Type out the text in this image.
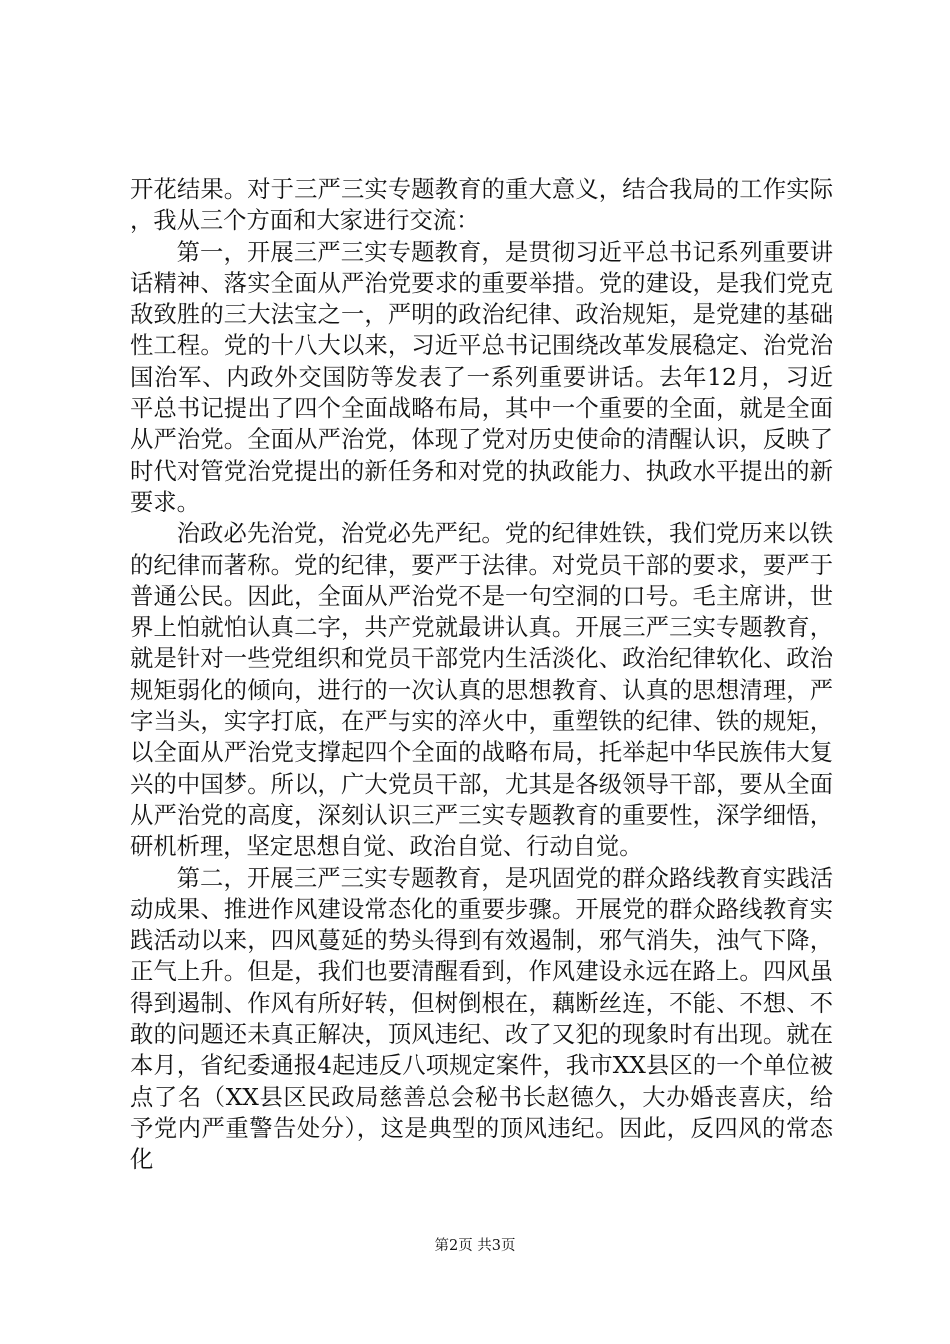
开花结果。对于三严三实专题教育的重大意义，结合我局的工作实际，我从三个方面和大家进行交流：

第一，开展三严三实专题教育，是贯彻习近平总书记系列重要讲话精神、落实全面从严治党要求的重要举措。党的建设，是我们党克敌致胜的三大法宝之一，严明的政治纪律、政治规矩，是党建的基础性工程。党的十八大以来，习近平总书记围绕改革发展稳定、治党治国治军、内政外交国防等发表了一系列重要讲话。去年12月，习近平总书记提出了四个全面战略布局，其中一个重要的全面，就是全面从严治党。全面从严治党，体现了党对历史使命的清醒认识，反映了时代对管党治党提出的新任务和对党的执政能力、执政水平提出的新要求。

治政必先治党，治党必先严纪。党的纪律姓铁，我们党历来以铁的纪律而著称。党的纪律，要严于法律。对党员干部的要求，要严于普通公民。因此，全面从严治党不是一句空洞的口号。毛主席讲，世界上怕就怕认真二字，共产党就最讲认真。开展三严三实专题教育，就是针对一些党组织和党员干部党内生活淡化、政治纪律软化、政治规矩弱化的倾向，进行的一次认真的思想教育、认真的思想清理，严字当头，实字打底，在严与实的淬火中，重塑铁的纪律、铁的规矩，以全面从严治党支撑起四个全面的战略布局，托举起中华民族伟大复兴的中国梦。所以，广大党员干部，尤其是各级领导干部，要从全面从严治党的高度，深刻认识三严三实专题教育的重要性，深学细悟，研机析理，坚定思想自觉、政治自觉、行动自觉。

第二，开展三严三实专题教育，是巩固党的群众路线教育实践活动成果、推进作风建设常态化的重要步骤。开展党的群众路线教育实践活动以来，四风蔓延的势头得到有效遏制，邪气消失，浊气下降，正气上升。但是，我们也要清醒看到，作风建设永远在路上。四风虽得到遏制、作风有所好转，但树倒根在，藕断丝连，不能、不想、不敢的问题还未真正解决，顶风违纪、改了又犯的现象时有出现。就在本月，省纪委通报4起违反八项规定案件，我市XX县区的一个单位被点了名（XX县区民政局慈善总会秘书长赵德久，大办婚丧喜庆，给予党内严重警告处分），这是典型的顶风违纪。因此，反四风的常态化

第2页 共3页
